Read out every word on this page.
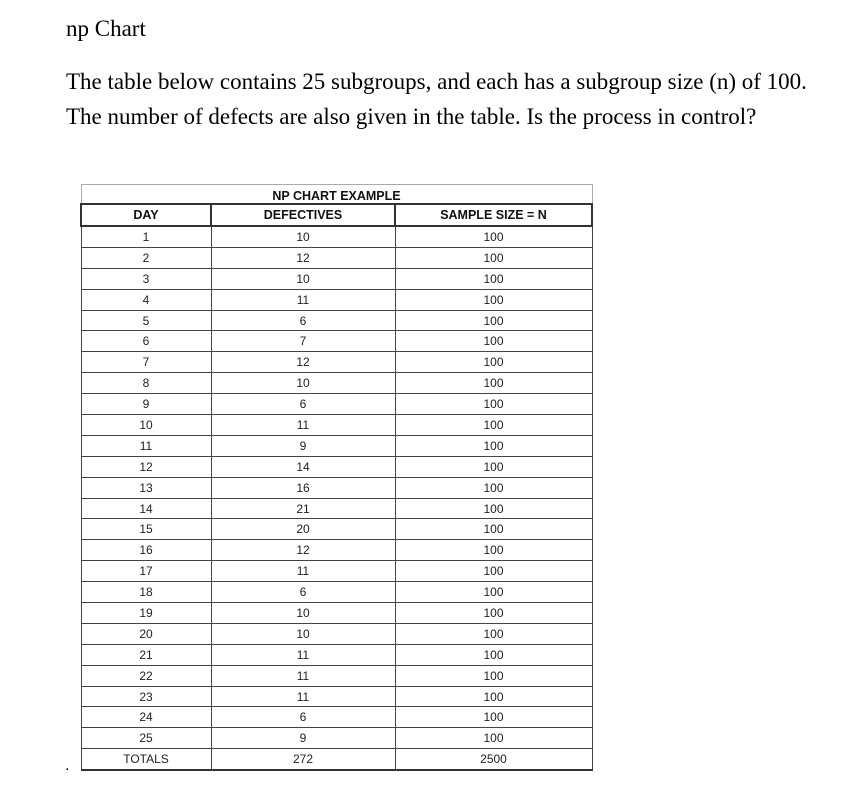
np Chart
The table below contains 25 subgroups, and each has a subgroup size (n) of 100. The number of defects are also given in the table. Is the process in control?
NP CHART EXAMPLE		
DAY	DEFECTIVES	SAMPLE SIZE = N
1	10	100
2	12	100
3	10	100
4	11	100
5	6	100
6	7	100
7	12	100
8	10	100
9	6	100
10	11	100
11	9	100
12	14	100
13	16	100
14	21	100
15	20	100
16	12	100
17	11	100
18	6	100
19	10	100
20	10	100
21	11	100
22	11	100
23	11	100
24	6	100
25	9	100
TOTALS	272	2500
.
